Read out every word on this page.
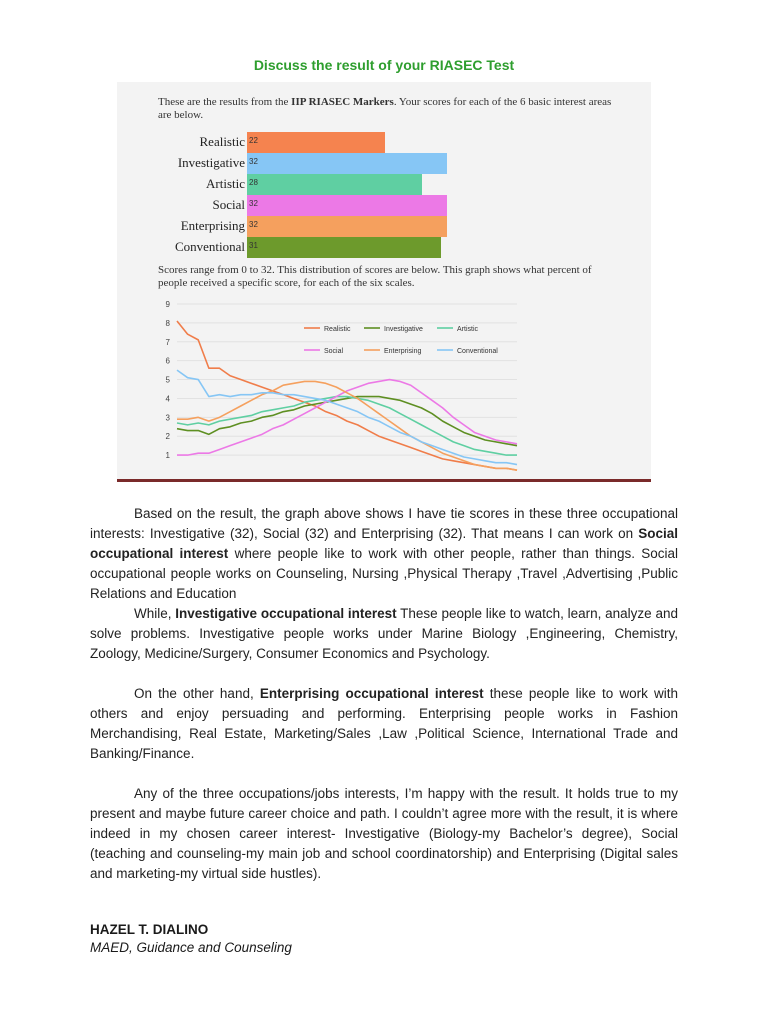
Discuss the result of your RIASEC Test

These are the results from the IIP RIASEC Markers. Your scores for each of the 6 basic interest areas are below.

Realistic 22
Investigative 32
Artistic 28
Social 32
Enterprising 32
Conventional 31

Scores range from 0 to 32. This distribution of scores are below. This graph shows what percent of people received a specific score, for each of the six scales.

1
2
3
4
5
6
7
8
9
Realistic	Investigative	Artistic
Social	Enterprising	Conventional

Based on the result, the graph above shows I have tie scores in these three occupational interests: Investigative (32), Social (32) and Enterprising (32). That means I can work on Social occupational interest where people like to work with other people, rather than things. Social occupational people works on Counseling, Nursing ,Physical Therapy ,Travel ,Advertising ,Public Relations and Education

While, Investigative occupational interest These people like to watch, learn, analyze and solve problems. Investigative people works under Marine Biology ,Engineering, Chemistry, Zoology, Medicine/Surgery, Consumer Economics and Psychology.

On the other hand, Enterprising occupational interest these people like to work with others and enjoy persuading and performing. Enterprising people works in Fashion Merchandising, Real Estate, Marketing/Sales ,Law ,Political Science, International Trade and Banking/Finance.

Any of the three occupations/jobs interests, I’m happy with the result. It holds true to my present and maybe future career choice and path. I couldn’t agree more with the result, it is where indeed in my chosen career interest- Investigative (Biology-my Bachelor’s degree), Social (teaching and counseling-my main job and school coordinatorship) and Enterprising (Digital sales and marketing-my virtual side hustles).

HAZEL T. DIALINO

MAED, Guidance and Counseling
